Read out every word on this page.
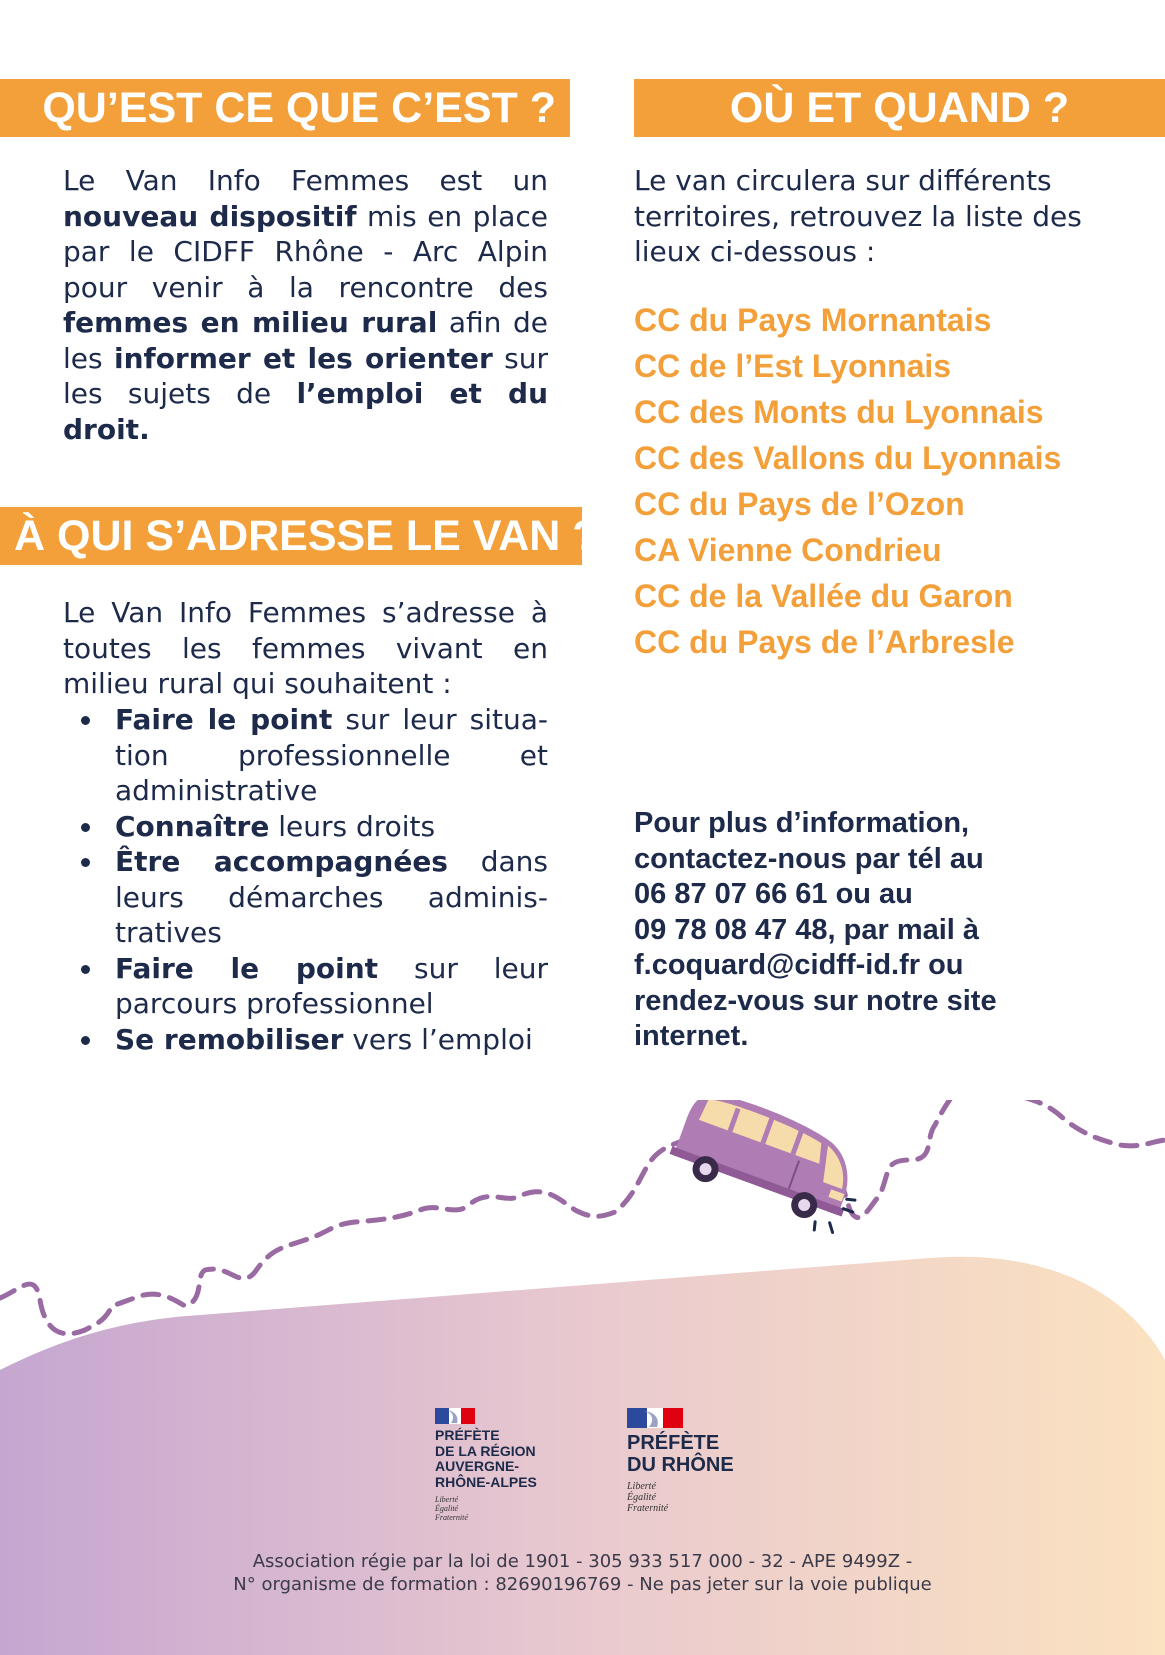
QU’EST CE QUE C’EST ?	OÙ ET QUAND ?
À QUI S’ADRESSE LE VAN ?
Le Van Info Femmes est un nouveau dispositif mis en place par le CIDFF Rhône - Arc Alpin pour venir à la rencontre des femmes en milieu rural afin de les informer et les orienter sur les sujets de l’emploi et du droit.
Le Van Info Femmes s’adresse à toutes les femmes vivant en milieu rural qui souhaitent :
Faire le point sur leur situa-tion professionnelle et administrative
Connaître leurs droits
Être accompagnées dans leurs démarches adminis-tratives
Faire le point sur leur parcours professionnel
Se remobiliser vers l’emploi
Le van circulera sur différents territoires, retrouvez la liste des lieux ci-dessous :
CC du Pays Mornantais
CC de l’Est Lyonnais
CC des Monts du Lyonnais
CC des Vallons du Lyonnais
CC du Pays de l’Ozon
CA Vienne Condrieu
CC de la Vallée du Garon
CC du Pays de l’Arbresle
Pour plus d’information,
contactez-nous par tél au
06 87 07 66 61 ou au
09 78 08 47 48, par mail à
f.coquard@cidff-id.fr ou
rendez-vous sur notre site
internet.
PRÉFÈTE
DE LA RÉGION
AUVERGNE-
RHÔNE-ALPES
Liberté
Égalité
Fraternité
PRÉFÈTE
DU RHÔNE
Liberté
Égalité
Fraternité
Association régie par la loi de 1901 - 305 933 517 000 - 32 - APE 9499Z -
N° organisme de formation : 82690196769 - Ne pas jeter sur la voie publique
